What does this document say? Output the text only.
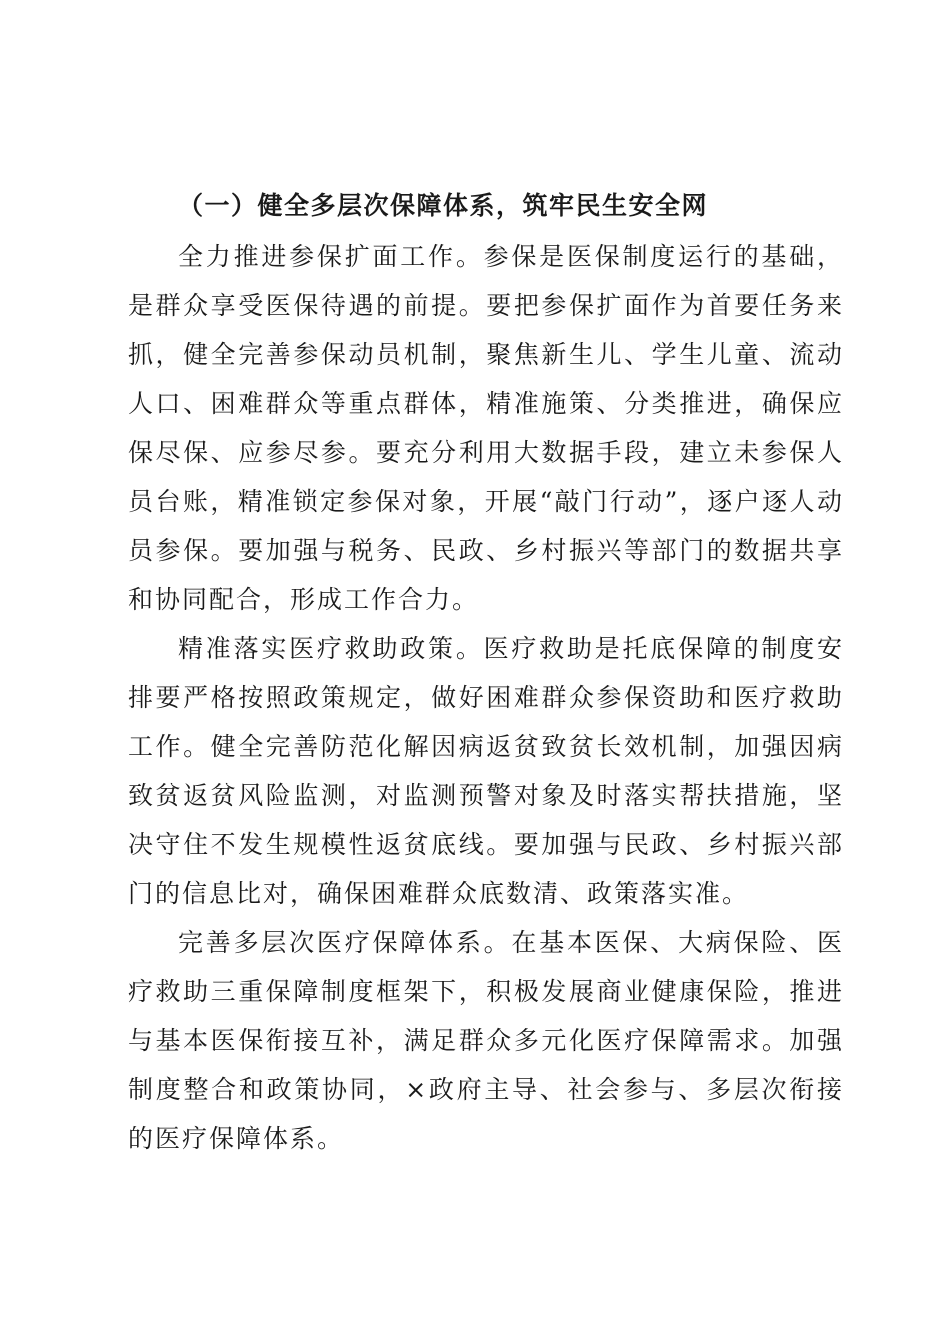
（一）健全多层次保障体系，筑牢民生安全网

全力推进参保扩面工作。参保是医保制度运行的基础，是群众享受医保待遇的前提。要把参保扩面作为首要任务来抓，健全完善参保动员机制，聚焦新生儿、学生儿童、流动人口、困难群众等重点群体，精准施策、分类推进，确保应保尽保、应参尽参。要充分利用大数据手段，建立未参保人员台账，精准锁定参保对象，开展“敲门行动”，逐户逐人动员参保。要加强与税务、民政、乡村振兴等部门的数据共享和协同配合，形成工作合力。

精准落实医疗救助政策。医疗救助是托底保障的制度安排要严格按照政策规定，做好困难群众参保资助和医疗救助工作。健全完善防范化解因病返贫致贫长效机制，加强因病致贫返贫风险监测，对监测预警对象及时落实帮扶措施，坚决守住不发生规模性返贫底线。要加强与民政、乡村振兴部门的信息比对，确保困难群众底数清、政策落实准。

完善多层次医疗保障体系。在基本医保、大病保险、医疗救助三重保障制度框架下，积极发展商业健康保险，推进与基本医保衔接互补，满足群众多元化医疗保障需求。加强制度整合和政策协同，×政府主导、社会参与、多层次衔接的医疗保障体系。
